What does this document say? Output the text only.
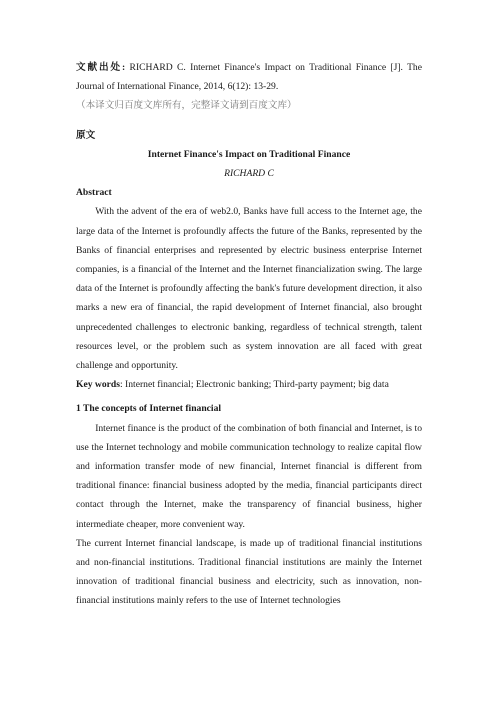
文献出处: RICHARD C. Internet Finance's Impact on Traditional Finance [J]. The Journal of International Finance, 2014, 6(12): 13-29.

（本译文归百度文库所有，完整译文请到百度文库）

原文

Internet Finance's Impact on Traditional Finance

RICHARD C

Abstract

With the advent of the era of web2.0, Banks have full access to the Internet age, the large data of the Internet is profoundly affects the future of the Banks, represented by the Banks of financial enterprises and represented by electric business enterprise Internet companies, is a financial of the Internet and the Internet financialization swing. The large data of the Internet is profoundly affecting the bank's future development direction, it also marks a new era of financial, the rapid development of Internet financial, also brought unprecedented challenges to electronic banking, regardless of technical strength, talent resources level, or the problem such as system innovation are all faced with great challenge and opportunity.

Key words: Internet financial; Electronic banking; Third-party payment; big data

1 The concepts of Internet financial

Internet finance is the product of the combination of both financial and Internet, is to use the Internet technology and mobile communication technology to realize capital flow and information transfer mode of new financial, Internet financial is different from traditional finance: financial business adopted by the media, financial participants direct contact through the Internet, make the transparency of financial business, higher intermediate cheaper, more convenient way.

The current Internet financial landscape, is made up of traditional financial institutions and non-financial institutions. Traditional financial institutions are mainly the Internet innovation of traditional financial business and electricity, such as innovation, non-financial institutions mainly refers to the use of Internet technologies
